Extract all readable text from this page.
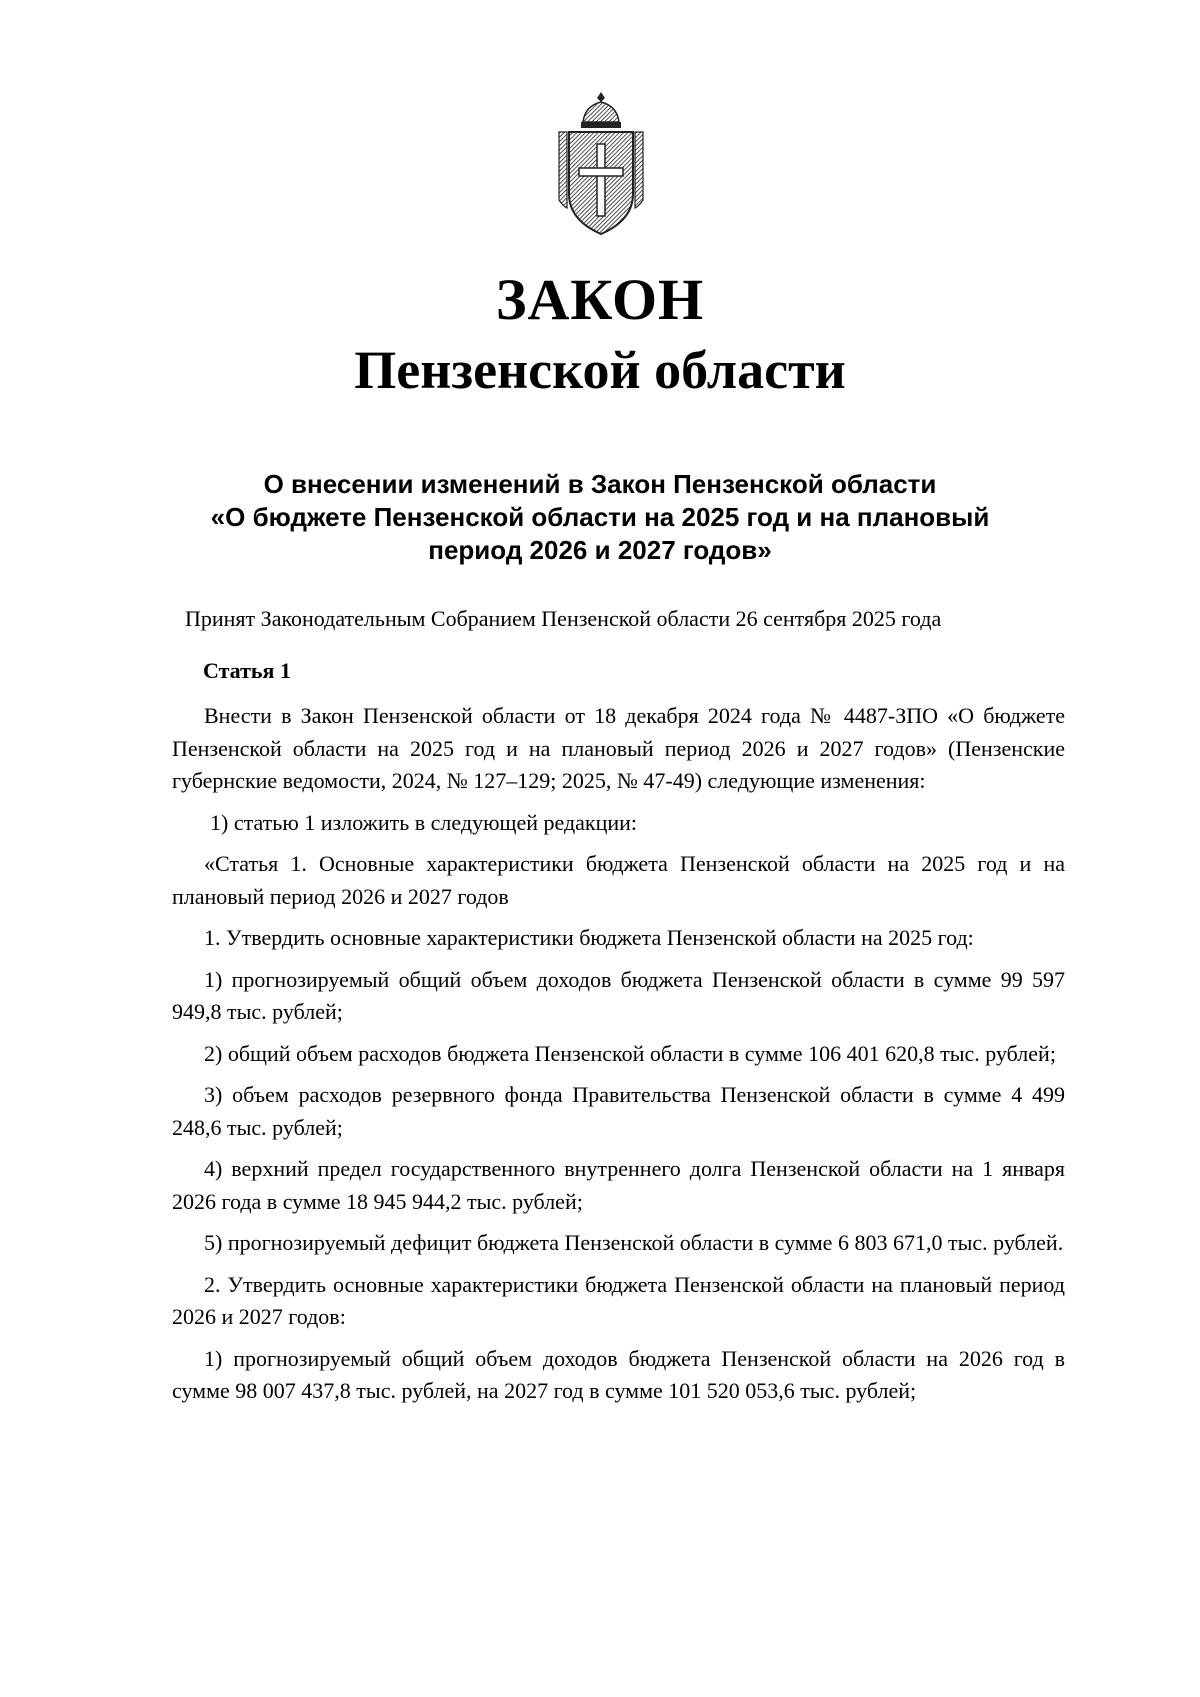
ЗАКОН
Пензенской области
О внесении изменений в Закон Пензенской области
«О бюджете Пензенской области на 2025 год и на плановый
период 2026 и 2027 годов»
Принят Законодательным Собранием Пензенской области 26 сентября 2025 года
Статья 1

Внести в Закон Пензенской области от 18 декабря 2024 года № 4487-ЗПО «О бюджете Пензенской области на 2025 год и на плановый период 2026 и 2027 годов» (Пензенские губернские ведомости, 2024, № 127–129; 2025, № 47-49) следующие изменения:

1) статью 1 изложить в следующей редакции:

«Статья 1. Основные характеристики бюджета Пензенской области на 2025 год и на плановый период 2026 и 2027 годов

1. Утвердить основные характеристики бюджета Пензенской области на 2025 год:

1) прогнозируемый общий объем доходов бюджета Пензенской области в сумме 99 597 949,8 тыс. рублей;

2) общий объем расходов бюджета Пензенской области в сумме 106 401 620,8 тыс. рублей;

3) объем расходов резервного фонда Правительства Пензенской области в сумме 4 499 248,6 тыс. рублей;

4) верхний предел государственного внутреннего долга Пензенской области на 1 января 2026 года в сумме 18 945 944,2 тыс. рублей;

5) прогнозируемый дефицит бюджета Пензенской области в сумме 6 803 671,0 тыс. рублей.

2. Утвердить основные характеристики бюджета Пензенской области на плановый период 2026 и 2027 годов:

1) прогнозируемый общий объем доходов бюджета Пензенской области на 2026 год в сумме 98 007 437,8 тыс. рублей, на 2027 год в сумме 101 520 053,6 тыс. рублей;
